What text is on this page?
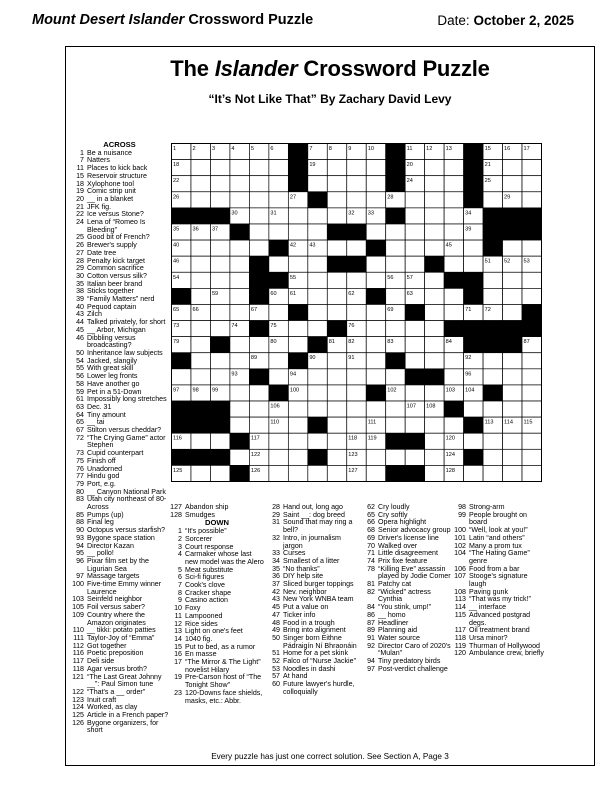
Mount Desert Islander Crossword Puzzle	Date: October 2, 2025
The Islander Crossword Puzzle
“It’s Not Like That” By Zachary David Levy
ACROSS
1 Be a nuisance
7 Natters
11 Places to kick back
15 Reservoir structure
18 Xylophone tool
19 Comic strip unit
20 __ in a blanket
21 JFK fig.
22 Ice versus Stone?
24 Lena of “Romeo Is Bleeding”
25 Good bit of French?
26 Brewer's supply
27 Date tree
28 Penalty kick target
29 Common sacrifice
30 Cotton versus silk?
35 Italian beer brand
38 Sticks together
39 “Family Matters” nerd
40 Pequod captain
43 Zilch
44 Talked privately, for short
45 __ Arbor, Michigan
46 Dibbling versus broadcasting?
50 Inheritance law subjects
54 Jacked, slangily
55 With great skill
56 Lower leg fronts
58 Have another go
59 Pet in a 51-Down
61 Impossibly long stretches
63 Dec. 31
64 Tiny amount
65 __ tai
67 Stilton versus cheddar?
72 “The Crying Game” actor Stephen
73 Cupid counterpart
75 Finish off
76 Unadorned
77 Hindu god
79 Port, e.g.
80 __ Canyon National Park
83 Utah city northeast of 80-Across
85 Pumps (up)
88 Final leg
90 Octopus versus starfish?
93 Bygone space station
94 Director Kazan
95 __ pollo!
96 Pixar film set by the Ligurian Sea
97 Massage targets
100 Five-time Emmy winner Laurence
103 Seinfeld neighbor
105 Foil versus saber?
109 Country where the Amazon originates
110 __ tikki: potato patties
111 Taylor-Joy of “Emma”
112 Got together
116 Poetic preposition
117 Deli side
118 Agar versus broth?
121 “The Last Great Johnny __”: Paul Simon tune
122 “That's a __ order”
123 Inuit craft
124 Worked, as clay
125 Article in a French paper?
126 Bygone organizers, for short
1	2	3	4	5	6	7	8	9	10	11 12 13 14 15 16 17
18	19	20	21
22	23	24	25
26	27	28	29
30	31	32 33	34
35 36 37	38	39
40	41 42 43	44	45
46	47	48 49	50	51 52 53
54	55	56 57	58
59	60 61	62	63	64
65 66	67	68	69 70	71 72
73	74	75	76	77	78
79	80	81 82	83	84 85	86 87
88	89	90	91	92
93	94	95	96
97 98 99	100	101 102	103 104
105	106	107 108
109	110	111	112 113 114 115
116	117	118 119	120
121	122	123	124
125	126	127	128
127 Abandon ship
128 Smudges
DOWN
1 “It's possible”
2 Sorcerer
3 Court response
4 Carmaker whose last new model was the Alero
5 Meat substitute
6 Sci-fi figures
7 Cook's clove
8 Cracker shape
9 Casino action
10 Foxy
11 Lampooned
12 Rice sides
13 Light on one's feet
14 1040 fig.
15 Put to bed, as a rumor
16 En masse
17 “The Mirror & The Light” novelist Hilary
19 Pre-Carson host of “The Tonight Show”
23 120-Downs face shields, masks, etc.: Abbr.
28 Hand out, long ago
29 Saint __: dog breed
31 Sound that may ring a bell?
32 Intro, in journalism jargon
33 Curses
34 Smallest of a litter
35 “No thanks”
36 DIY help site
37 Sliced burger toppings
42 Nev. neighbor
43 New York WNBA team
45 Put a value on
47 Ticker info
48 Food in a trough
49 Bring into alignment
50 Singer born Eithne Pádraigín Ní Bhraonáin
51 Home for a pet skink
52 Falco of “Nurse Jackie”
53 Noodles in dashi
57 At hand
60 Future lawyer's hurdle, colloquially
62 Cry loudly
65 Cry softly
66 Opera highlight
68 Senior advocacy group
69 Driver's license line
70 Walked over
71 Little disagreement
74 Prix fixe feature
78 “Killing Eve” assassin played by Jodie Comer
81 Patchy cat
82 “Wicked” actress Cynthia
84 “You stink, ump!”
86 __ homo
87 Headliner
89 Planning aid
91 Water source
92 Director Caro of 2020's “Mulan”
94 Tiny predatory birds
97 Post-verdict challenge
98 Strong-arm
99 People brought on board
100 “Well, look at you!”
101 Latin “and others”
102 Many a prom tux
104 “The Hating Game” genre
106 Food from a bar
107 Stooge's signature laugh
108 Paving gunk
113 “That was my trick!”
114 __ interface
115 Advanced postgrad degs.
117 Oil treatment brand
118 Ursa minor?
119 Thurman of Hollywood
120 Ambulance crew, briefly
Every puzzle has just one correct solution. See Section A, Page 3
